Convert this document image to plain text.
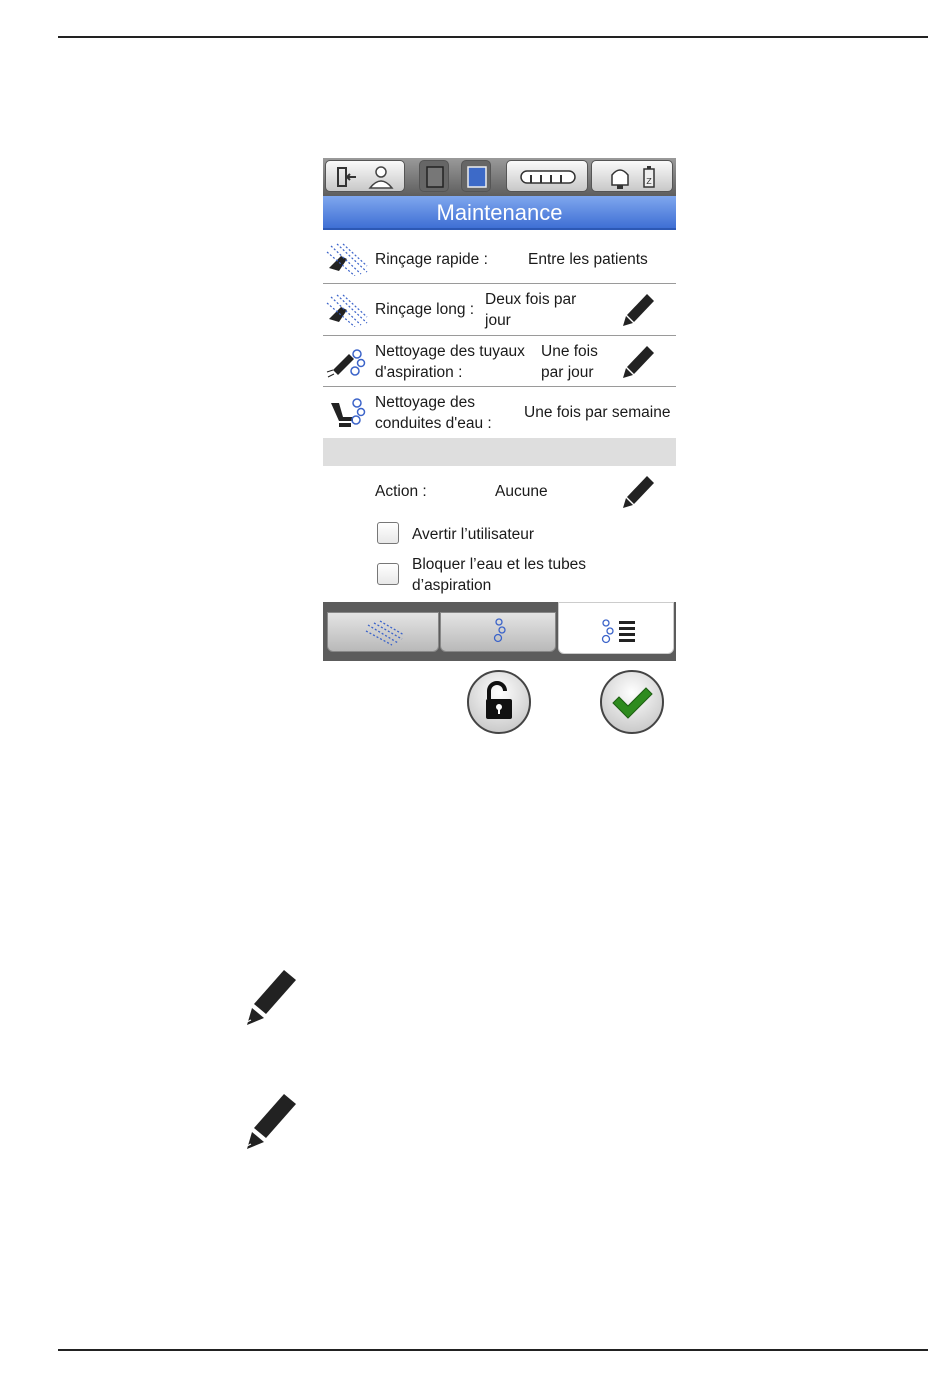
Z
Maintenance
Rinçage rapide :	Entre les patients
Rinçage long :
Deux fois par
jour
Nettoyage des tuyaux
d'aspiration :
Une fois
par jour
Nettoyage des
conduites d'eau :
Une fois par semaine
Action :	Aucune
Avertir l’utilisateur
Bloquer l’eau et les tubes
d’aspiration
